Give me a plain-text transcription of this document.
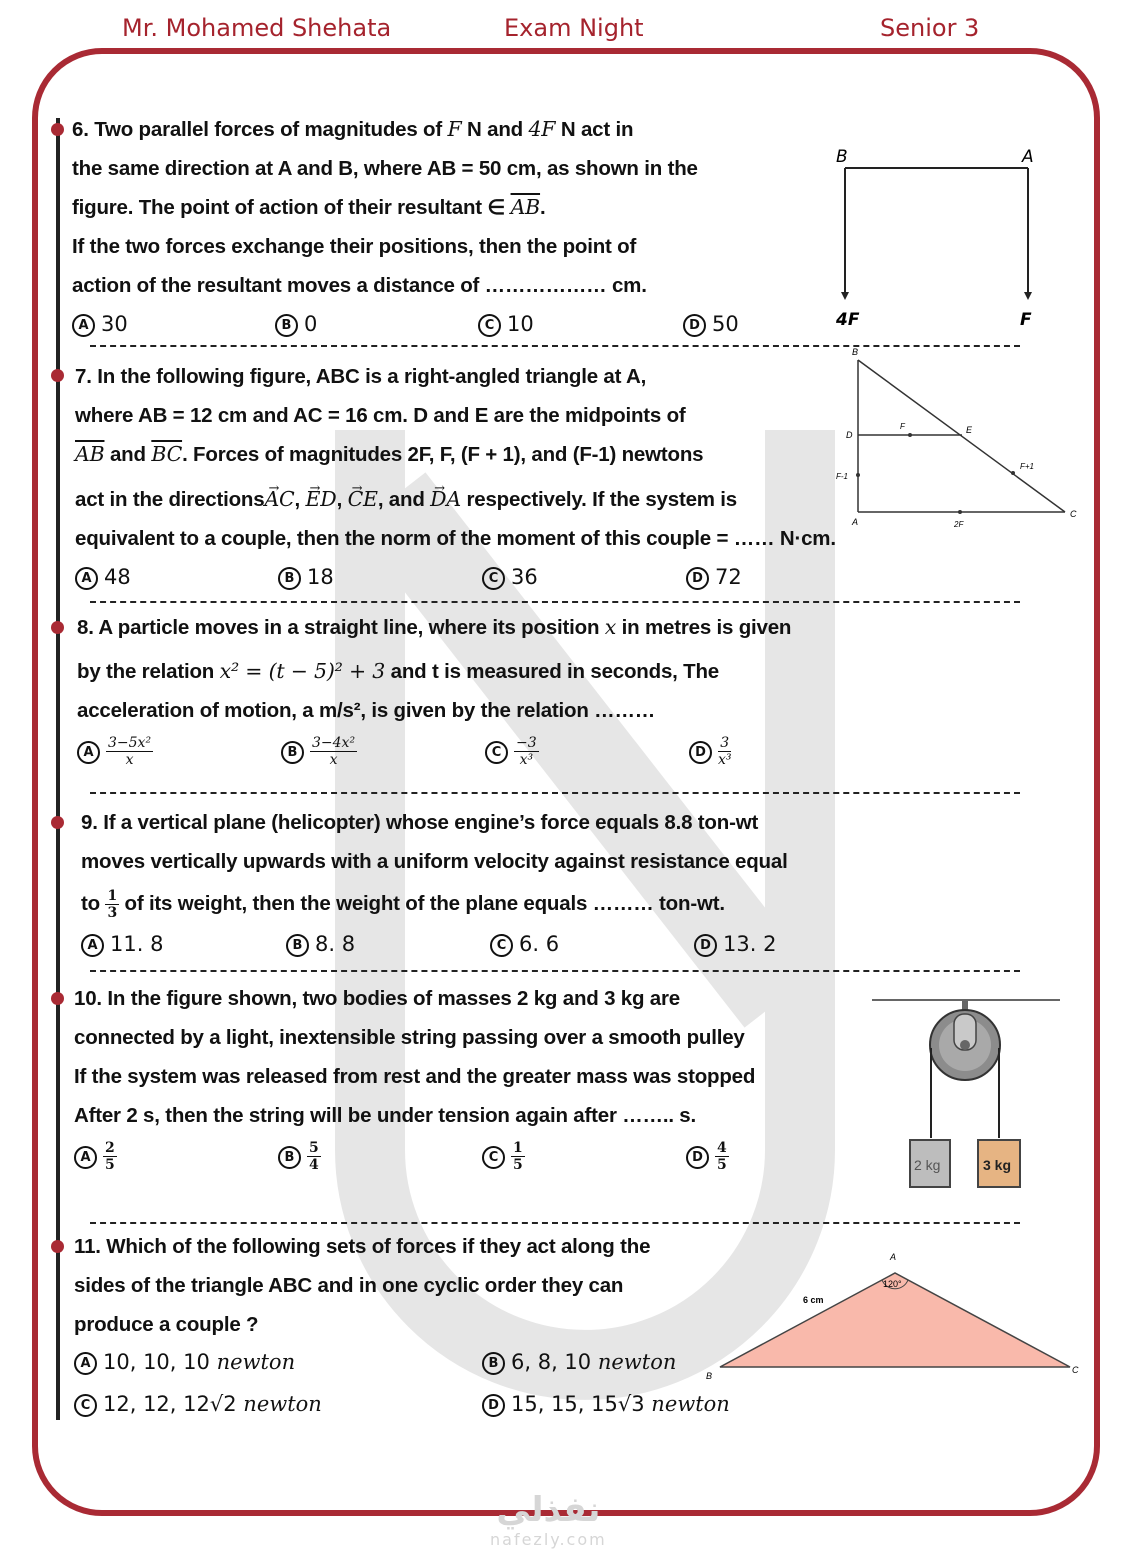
Mr. Mohamed Shehata	Exam Night	Senior 3

6. Two parallel forces of magnitudes of F N and 4F N act in

the same direction at A and B, where AB = 50 cm, as shown in the

figure. The point of action of their resultant ∈ $\overline{AB}$.

If the two forces exchange their positions, then the point of

action of the resultant moves a distance of ……………… cm.

A 30	B 0	C 10	D 50
B	A
4F	F

7. In the following figure, ABC is a right-angled triangle at A,

where AB = 12 cm and AC = 16 cm. D and E are the midpoints of

$\overline{AB}$ and $\overline{BC}$. Forces of magnitudes 2F, F, (F + 1), and (F-1) newtons

act in the directions→ AC, → ED, → CE, and → DA respectively. If the system is

equivalent to a couple, then the norm of the moment of this couple = …… N·cm.

A 48	B 18	C 36	D 72
B
D
A
E
C
F
F-1
F+1
2F

8. A particle moves in a straight line, where its position x in metres is given

by the relation x² = (t − 5)² + 3 and t is measured in seconds, The

acceleration of motion, a m/s², is given by the relation ………

A $\frac{\text{3−5x²}}{x}$	B $\frac{\text{3−4x²}}{x}$	C $\frac{-3}{\text{x³}}$	D $\frac{3}{\text{x³}}$

9. If a vertical plane (helicopter) whose engine’s force equals 8.8 ton-wt

moves vertically upwards with a uniform velocity against resistance equal

to $\frac{1}{3}$ of its weight, then the weight of the plane equals ……… ton-wt.

A 11. 8	B 8. 8	C 6. 6	D 13. 2

10. In the figure shown, two bodies of masses 2 kg and 3 kg are

connected by a light, inextensible string passing over a smooth pulley

If the system was released from rest and the greater mass was stopped

After 2 s, then the string will be under tension again after …….. s.

A $\frac{2}{5}$	B $\frac{5}{4}$	C $\frac{1}{5}$	D $\frac{4}{5}$	2 kg	3 kg

11. Which of the following sets of forces if they act along the

sides of the triangle ABC and in one cyclic order they can

produce a couple ?

A 10, 10, 10 newton	B 6, 8, 10 newton
C 12, 12, 12√2 newton	D 15, 15, 15√3 newton
A
B
C
6 cm
120°
نفذلي
nafezly.com
